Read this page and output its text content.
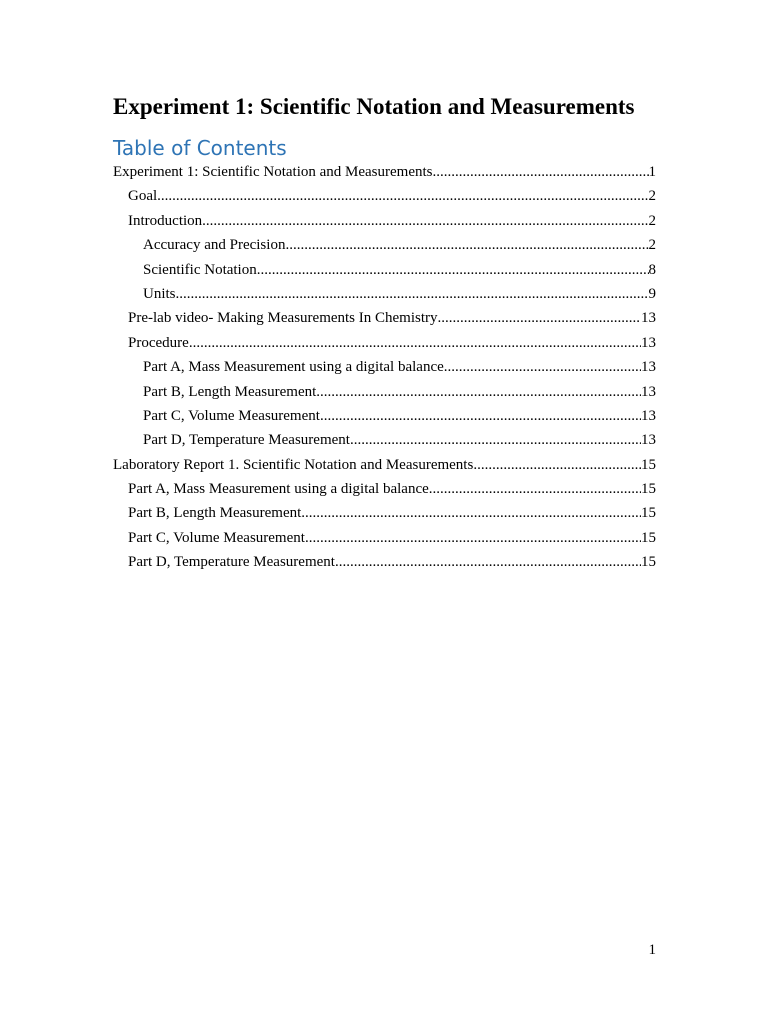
Experiment 1: Scientific Notation and Measurements
Table of Contents
Experiment 1: Scientific Notation and Measurements .....	1
Goal .....	2
Introduction .....	2
Accuracy and Precision .....	2
Scientific Notation .....	8
Units .....	9
Pre-lab video- Making Measurements In Chemistry .....	13
Procedure .....	13
Part A, Mass Measurement using a digital balance .....	13
Part B, Length Measurement .....	13
Part C, Volume Measurement .....	13
Part D, Temperature Measurement .....	13
Laboratory Report 1. Scientific Notation and Measurements .....	15
Part A, Mass Measurement using a digital balance .....	15
Part B, Length Measurement .....	15
Part C, Volume Measurement .....	15
Part D, Temperature Measurement .....	15
1
